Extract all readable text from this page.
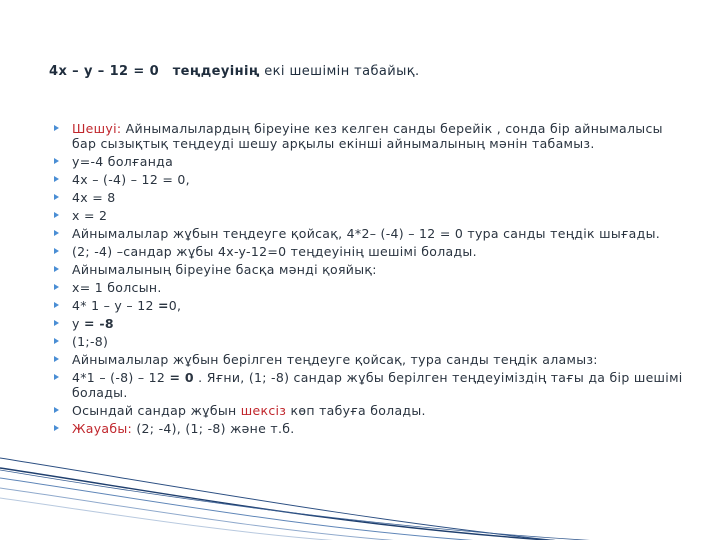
4x – y – 12 = 0 теңдеуінің екі шешімін табайық.
Шешуі: Айнымалылардың біреуіне кез келген санды берейік , сонда бір айнымалысы бар сызықтық теңдеуді шешу арқылы екінші айнымалының мәнін табамыз.
у=-4 болғанда
4x – (-4) – 12 = 0,
4x = 8
x = 2
Айнымалылар жұбын теңдеуге қойсақ, 4*2– (-4) – 12 = 0 тура санды теңдік шығады.
(2; -4) –сандар жұбы 4x-y-12=0 теңдеуінің шешімі болады.
Айнымалының біреуіне басқа мәнді қояйық:
x= 1 болсын.
4* 1 – у – 12 =0,
у = -8
(1;-8)
Айнымалылар жұбын берілген теңдеуге қойсақ, тура санды теңдік аламыз:
4*1 – (-8) – 12 = 0 . Яғни, (1; -8) сандар жұбы берілген теңдеуіміздің тағы да бір шешімі болады.
Осындай сандар жұбын шексіз көп табуға болады.
Жауабы: (2; -4), (1; -8) және т.б.
